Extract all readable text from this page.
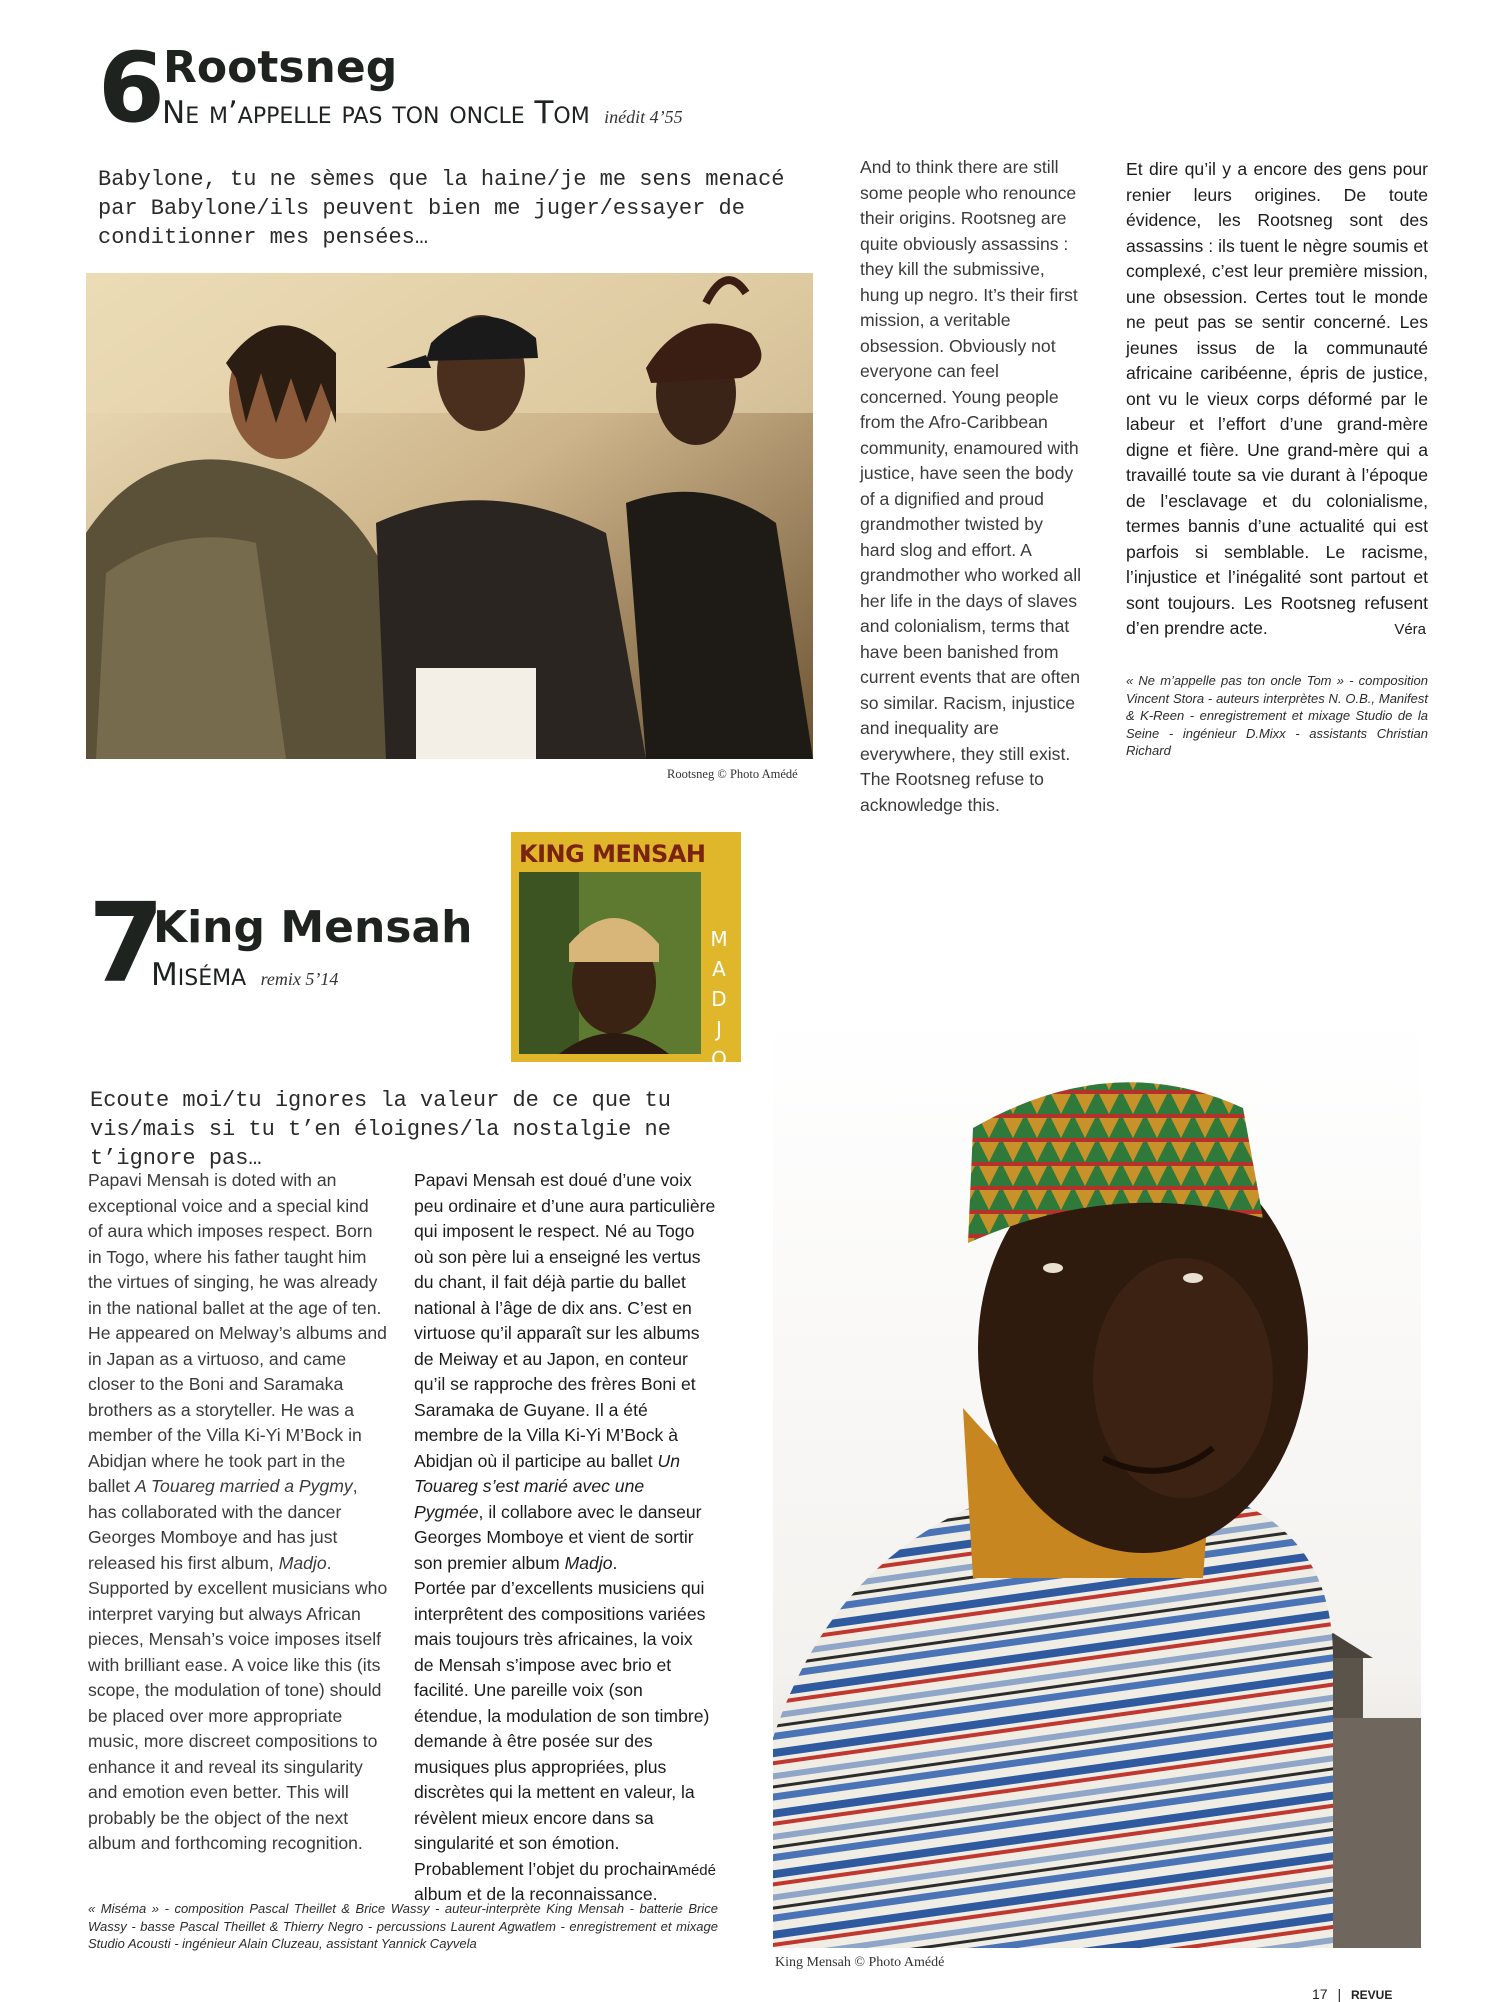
6 Rootsneg
Ne m’appelle pas ton oncle Tom inédit 4’55
Babylone, tu ne sèmes que la haine/je me sens menacé par Babylone/ils peuvent bien me juger/essayer de conditionner mes pensées…
Rootsneg © Photo Amédé
And to think there are still some people who renounce their origins. Rootsneg are quite obviously assassins : they kill the submissive, hung up negro. It’s their first mission, a veritable obsession. Obviously not everyone can feel concerned. Young people from the Afro-Caribbean community, enamoured with justice, have seen the body of a dignified and proud grandmother twisted by hard slog and effort. A grandmother who worked all her life in the days of slaves and colonialism, terms that have been banished from current events that are often so similar. Racism, injustice and inequality are everywhere, they still exist. The Rootsneg refuse to acknowledge this.
Et dire qu’il y a encore des gens pour renier leurs origines. De toute évidence, les Rootsneg sont des assassins : ils tuent le nègre soumis et complexé, c’est leur première mission, une obsession. Certes tout le monde ne peut pas se sentir concerné. Les jeunes issus de la communauté africaine caribéenne, épris de justice, ont vu le vieux corps déformé par le labeur et l’effort d’une grand-mère digne et fière. Une grand-mère qui a travaillé toute sa vie durant à l’époque de l’esclavage et du colonialisme, termes bannis d’une actualité qui est parfois si semblable. Le racisme, l’injustice et l’inégalité sont partout et sont toujours. Les Rootsneg refusent d’en prendre acte.	Véra
« Ne m’appelle pas ton oncle Tom » - composition Vincent Stora - auteurs interprètes N. O.B., Manifest & K-Reen - enregistrement et mixage Studio de la Seine - ingénieur D.Mixx - assistants Christian Richard
7
King Mensah
Miséma remix 5’14
KING MENSAH
MADJO
Ecoute moi/tu ignores la valeur de ce que tu vis/mais si tu t’en éloignes/la nostalgie ne t’ignore pas…

Papavi Mensah is doted with an exceptional voice and a special kind of aura which imposes respect. Born in Togo, where his father taught him the virtues of singing, he was already in the national ballet at the age of ten. He appeared on Melway’s albums and in Japan as a virtuoso, and came closer to the Boni and Saramaka brothers as a storyteller. He was a member of the Villa Ki-Yi M’Bock in Abidjan where he took part in the ballet A Touareg married a Pygmy, has collaborated with the dancer Georges Momboye and has just released his first album, Madjo.

Supported by excellent musicians who interpret varying but always African pieces, Mensah’s voice imposes itself with brilliant ease. A voice like this (its scope, the modulation of tone) should be placed over more appropriate music, more discreet compositions to enhance it and reveal its singularity and emotion even better. This will probably be the object of the next album and forthcoming recognition.

Papavi Mensah est doué d’une voix peu ordinaire et d’une aura particulière qui imposent le respect. Né au Togo où son père lui a enseigné les vertus du chant, il fait déjà partie du ballet national à l’âge de dix ans. C’est en virtuose qu’il apparaît sur les albums de Meiway et au Japon, en conteur qu’il se rapproche des frères Boni et Saramaka de Guyane. Il a été membre de la Villa Ki-Yi M’Bock à Abidjan où il participe au ballet Un Touareg s’est marié avec une Pygmée, il collabore avec le danseur Georges Momboye et vient de sortir son premier album Madjo.

Portée par d’excellents musiciens qui interprêtent des compositions variées mais toujours très africaines, la voix de Mensah s’impose avec brio et facilité. Une pareille voix (son étendue, la modulation de son timbre) demande à être posée sur des musiques plus appropriées, plus discrètes qui la mettent en valeur, la révèlent mieux encore dans sa singularité et son émotion. Probablement l’objet du prochain album et de la reconnaissance.

Amédé
« Miséma » - composition Pascal Theillet & Brice Wassy - auteur-interprète King Mensah - batterie Brice Wassy - basse Pascal Theillet & Thierry Negro - percussions Laurent Agwatlem - enregistrement et mixage Studio Acousti - ingénieur Alain Cluzeau, assistant Yannick Cayvela
King Mensah © Photo Amédé
17 | REVUE
